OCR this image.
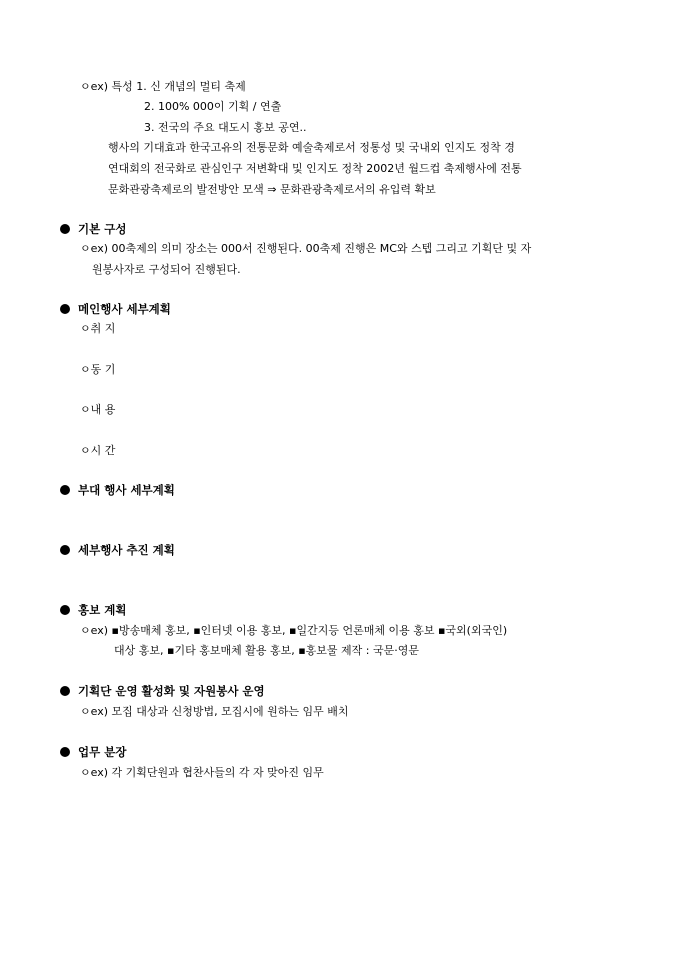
ㅇex) 특성 1. 신 개념의 멀티 축제
2. 100% 000이 기획 / 연출
3. 전국의 주요 대도시 홍보 공연..
행사의 기대효과 한국고유의 전통문화 예술축제로서 정통성 및 국내외 인지도 정착 경
연대회의 전국화로 관심인구 저변확대 및 인지도 정착 2002년 월드컵 축제행사에 전통
문화관광축제로의 발전방안 모색 ⇒ 문화관광축제로서의 유입력 확보
기본 구성
ㅇex) 00축제의 의미 장소는 000서 진행된다. 00축제 진행은 MC와 스텝 그리고 기획단 및 자
원봉사자로 구성되어 진행된다.
메인행사 세부계획
ㅇ취 지
ㅇ동 기
ㅇ내 용
ㅇ시 간
부대 행사 세부계획
세부행사 추진 계획
홍보 계획
ㅇex) ▪방송매체 홍보, ▪인터넷 이용 홍보, ▪일간지등 언론매체 이용 홍보 ▪국외(외국인)
대상 홍보, ▪기타 홍보매체 활용 홍보, ▪홍보물 제작 : 국문·영문
기획단 운영 활성화 및 자원봉사 운영
ㅇex) 모집 대상과 신청방법, 모집시에 원하는 임무 배치
업무 분장
ㅇex) 각 기획단원과 협찬사들의 각 자 맞아진 임무
